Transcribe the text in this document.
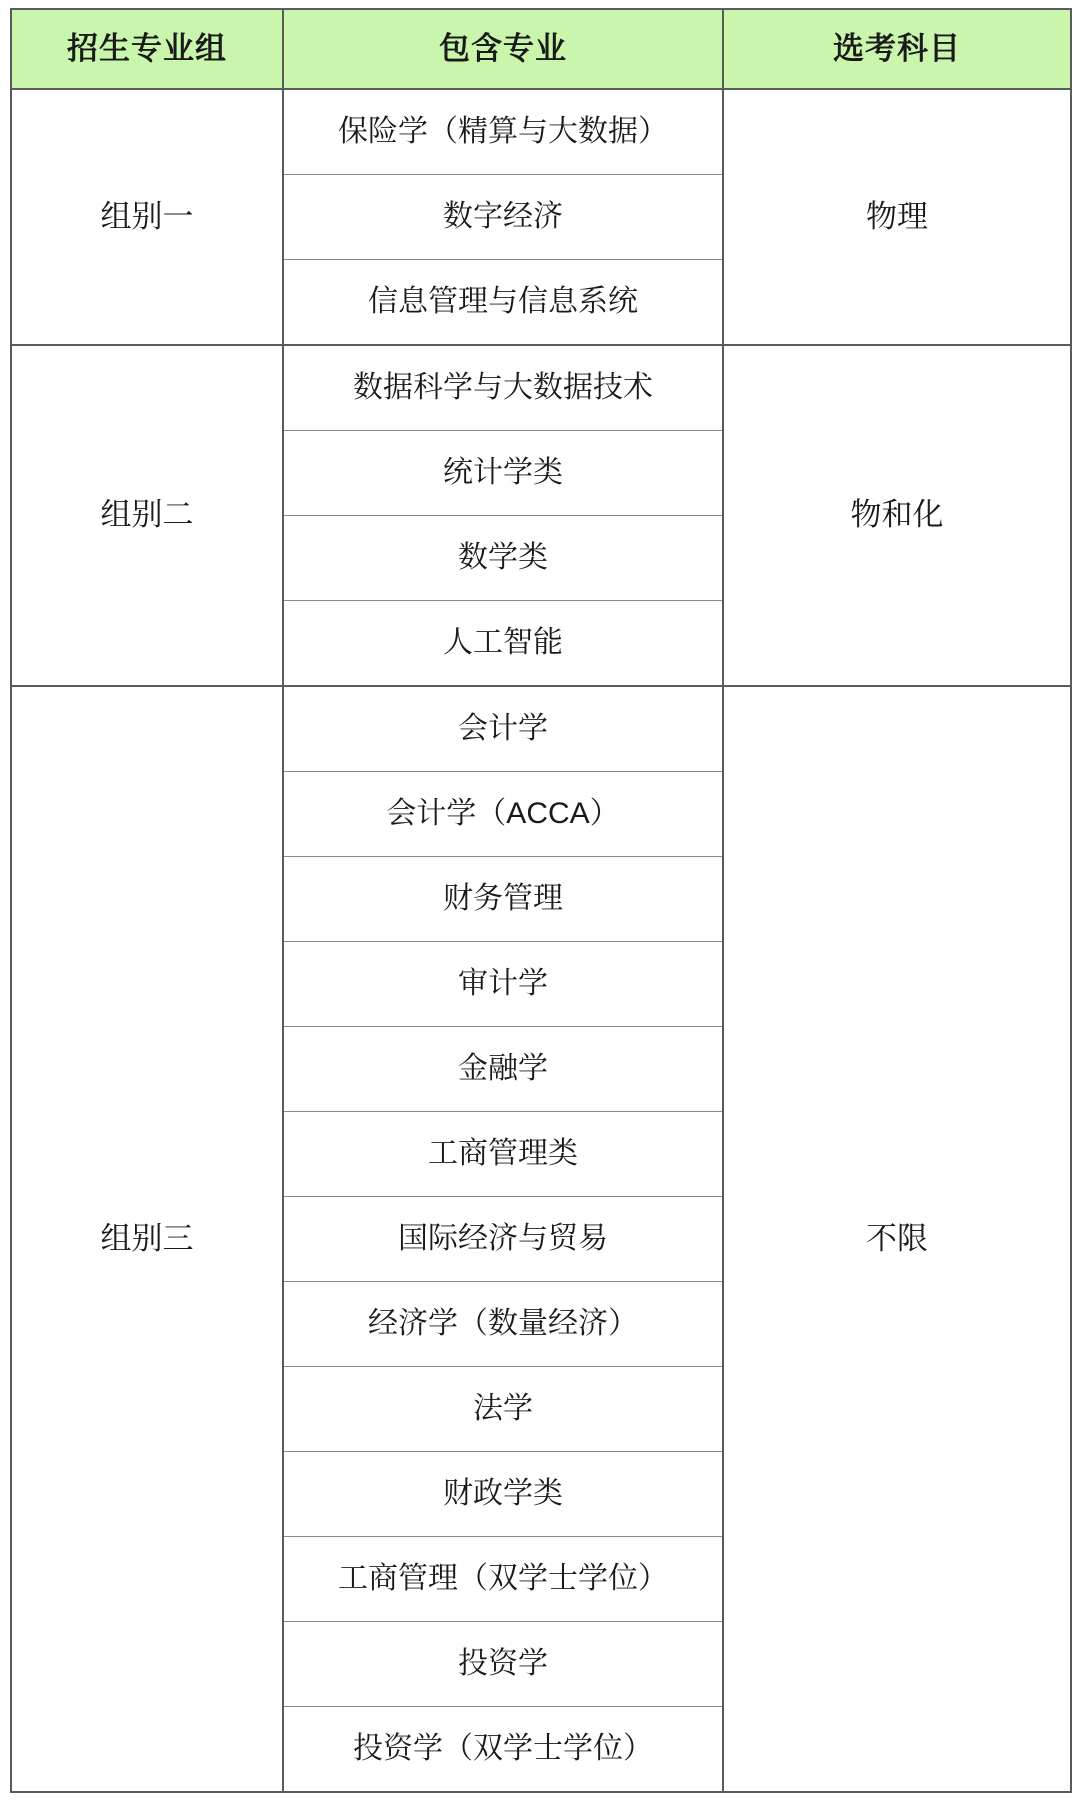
招生专业组	包含专业	选考科目
组别一	保险学（精算与大数据）	物理
	数字经济	
	信息管理与信息系统	
组别二	数据科学与大数据技术	物和化
	统计学类	
	数学类	
	人工智能	
组别三	会计学	不限
	会计学（ACCA）	
	财务管理	
	审计学	
	金融学	
	工商管理类	
	国际经济与贸易	
	经济学（数量经济）	
	法学	
	财政学类	
	工商管理（双学士学位）	
	投资学	
	投资学（双学士学位）	
